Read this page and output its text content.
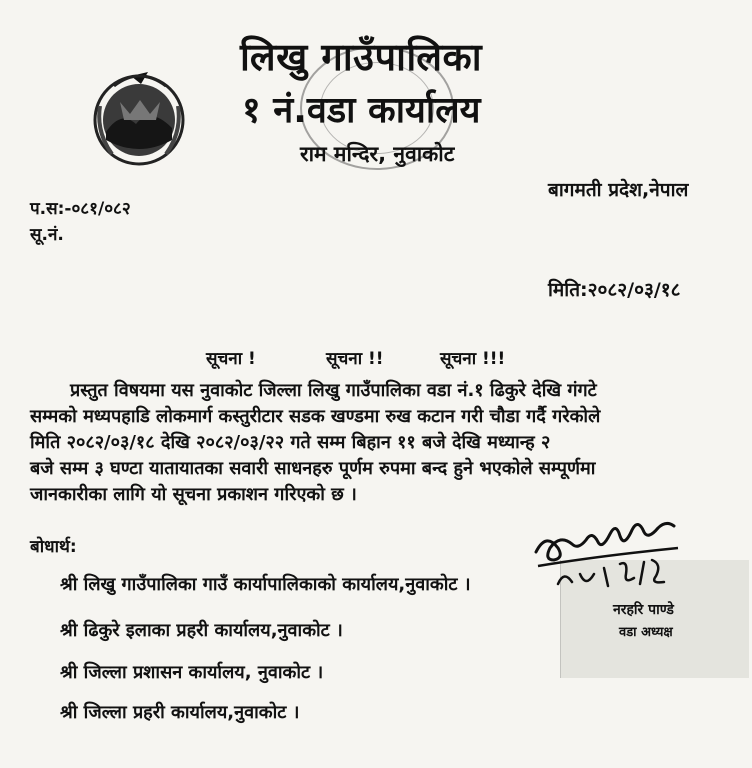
लिखु गाउँपालिका
१ नं.वडा कार्यालय
राम मन्दिर, नुवाकोट
बागमती प्रदेश,नेपाल
प.स:-०८१/०८२
सू.नं.
मिति:२०८२/०३/१८
सूचना !	सूचना !!	सूचना !!!
प्रस्तुत विषयमा यस नुवाकोट जिल्ला लिखु गाउँपालिका वडा नं.१ ढिकुरे देखि गंगटे
सम्मको मध्यपहाडि लोकमार्ग कस्तुरीटार सडक खण्डमा रुख कटान गरी चौडा गर्दै गरेकोले
मिति २०८२/०३/१८ देखि २०८२/०३/२२ गते सम्म बिहान ११ बजे देखि मध्यान्ह २
बजे सम्म ३ घण्टा यातायातका सवारी साधनहरु पूर्णम रुपमा बन्द हुने भएकोले सम्पूर्णमा
जानकारीका लागि यो सूचना प्रकाशन गरिएको छ ।
बोधार्थ:
श्री लिखु गाउँपालिका गाउँ कार्यापालिकाको कार्यालय,नुवाकोट ।
श्री ढिकुरे इलाका प्रहरी कार्यालय,नुवाकोट ।
श्री जिल्ला प्रशासन कार्यालय, नुवाकोट ।
श्री जिल्ला प्रहरी कार्यालय,नुवाकोट ।
नरहरि पाण्डे
वडा अध्यक्ष
